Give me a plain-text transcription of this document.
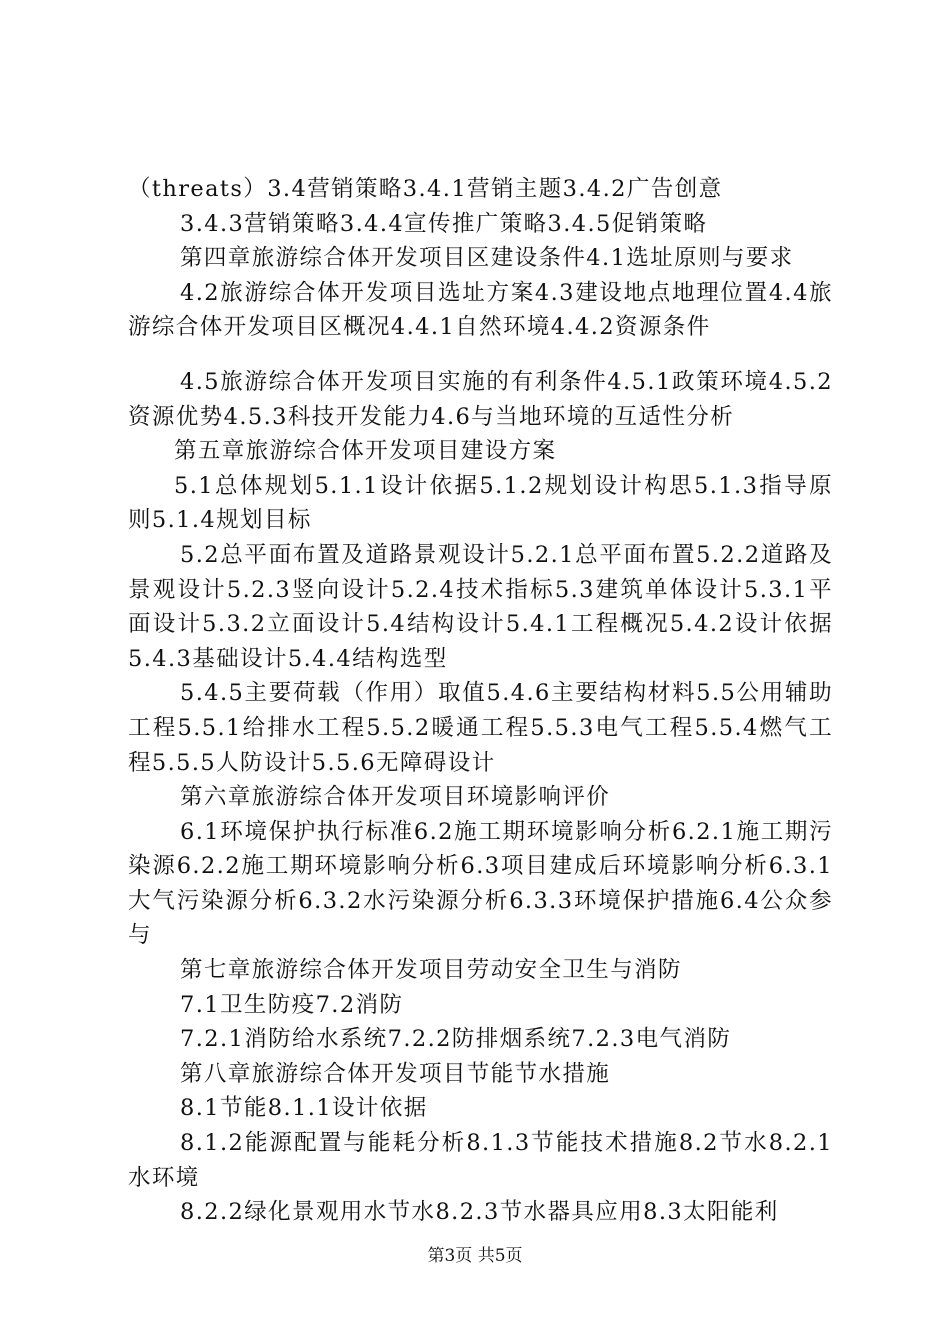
（threats）3.4营销策略3.4.1营销主题3.4.2广告创意

3.4.3营销策略3.4.4宣传推广策略3.4.5促销策略

第四章旅游综合体开发项目区建设条件4.1选址原则与要求

4.2旅游综合体开发项目选址方案4.3建设地点地理位置4.4旅游综合体开发项目区概况4.4.1自然环境4.4.2资源条件

4.5旅游综合体开发项目实施的有利条件4.5.1政策环境4.5.2资源优势4.5.3科技开发能力4.6与当地环境的互适性分析

第五章旅游综合体开发项目建设方案

5.1总体规划5.1.1设计依据5.1.2规划设计构思5.1.3指导原则5.1.4规划目标

5.2总平面布置及道路景观设计5.2.1总平面布置5.2.2道路及景观设计5.2.3竖向设计5.2.4技术指标5.3建筑单体设计5.3.1平面设计5.3.2立面设计5.4结构设计5.4.1工程概况5.4.2设计依据5.4.3基础设计5.4.4结构选型

5.4.5主要荷载（作用）取值5.4.6主要结构材料5.5公用辅助工程5.5.1给排水工程5.5.2暖通工程5.5.3电气工程5.5.4燃气工程5.5.5人防设计5.5.6无障碍设计

第六章旅游综合体开发项目环境影响评价

6.1环境保护执行标准6.2施工期环境影响分析6.2.1施工期污染源6.2.2施工期环境影响分析6.3项目建成后环境影响分析6.3.1大气污染源分析6.3.2水污染源分析6.3.3环境保护措施6.4公众参与

第七章旅游综合体开发项目劳动安全卫生与消防

7.1卫生防疫7.2消防

7.2.1消防给水系统7.2.2防排烟系统7.2.3电气消防

第八章旅游综合体开发项目节能节水措施

8.1节能8.1.1设计依据

8.1.2能源配置与能耗分析8.1.3节能技术措施8.2节水8.2.1水环境

8.2.2绿化景观用水节水8.2.3节水器具应用8.3太阳能利

第3页 共5页
